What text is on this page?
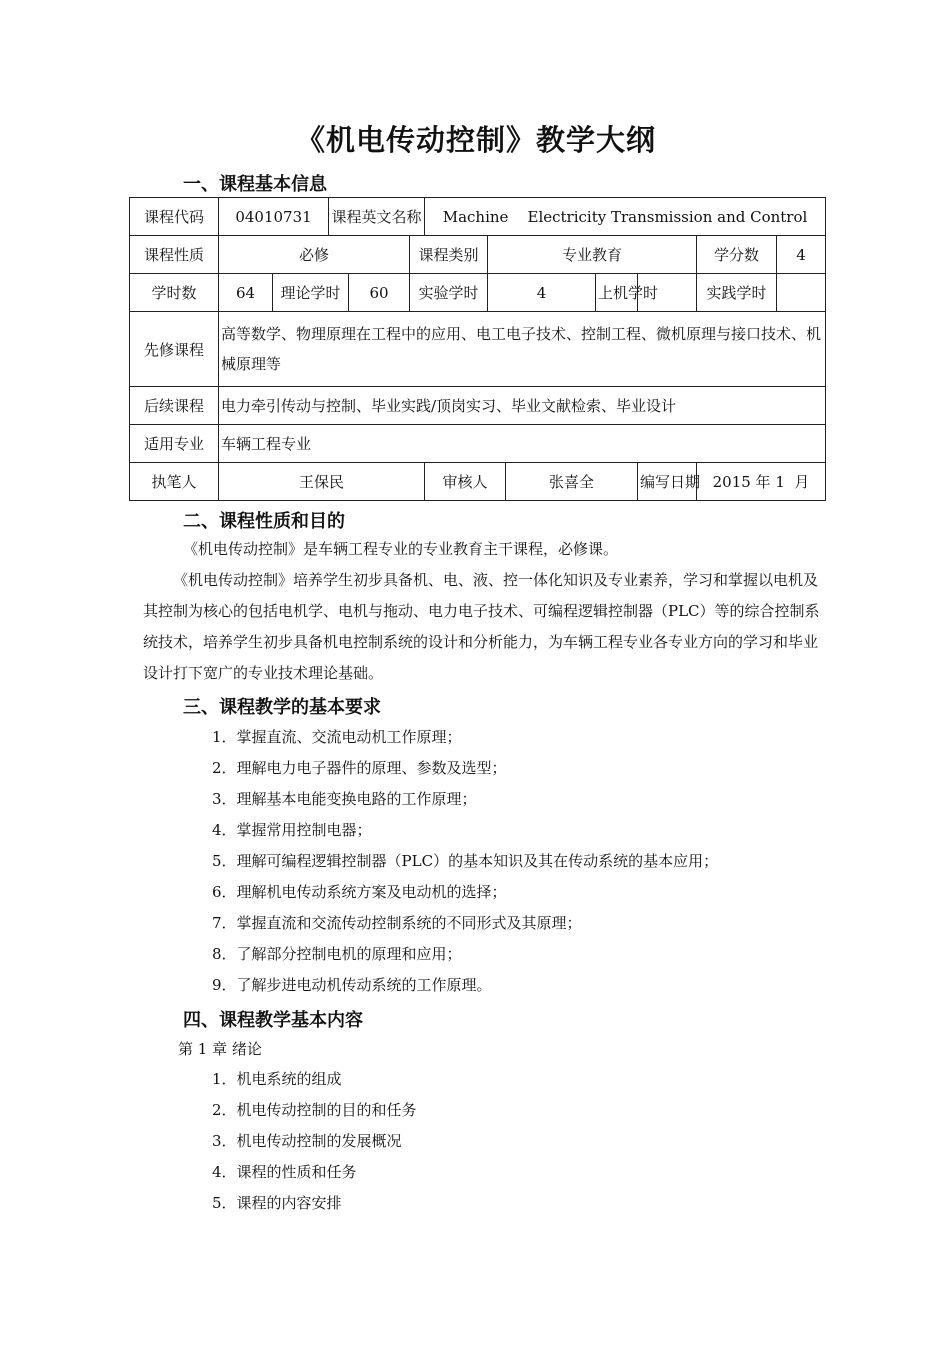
《机电传动控制》教学大纲
一、课程基本信息
课程代码	04010731		课程英文名称			Machine    Electricity Transmission and Control						
课程性质	必修				课程类别		专业教育				学分数	4
学时数	64	理论学时		60	实验学时		4		上机学时		实践学时	
先修课程	高等数学、物理原理在工程中的应用、电工电子技术、控制工程、微机原理与接口技术、机械原理等											
后续课程	电力牵引传动与控制、毕业实践/顶岗实习、毕业文献检索、毕业设计											
适用专业	车辆工程专业											
执笔人	王保民					审核人		张喜全		编写日期	2015 年 1  月	
二、课程性质和目的
《机电传动控制》是车辆工程专业的专业教育主干课程，必修课。
《机电传动控制》培养学生初步具备机、电、液、控一体化知识及专业素养，学习和掌握以电机及其控制为核心的包括电机学、电机与拖动、电力电子技术、可编程逻辑控制器（PLC）等的综合控制系统技术，培养学生初步具备机电控制系统的设计和分析能力，为车辆工程专业各专业方向的学习和毕业设计打下宽广的专业技术理论基础。
三、课程教学的基本要求
1．掌握直流、交流电动机工作原理；
2．理解电力电子器件的原理、参数及选型；
3．理解基本电能变换电路的工作原理；
4．掌握常用控制电器；
5．理解可编程逻辑控制器（PLC）的基本知识及其在传动系统的基本应用；
6．理解机电传动系统方案及电动机的选择；
7．掌握直流和交流传动控制系统的不同形式及其原理；
8．了解部分控制电机的原理和应用；
9．了解步进电动机传动系统的工作原理。
四、课程教学基本内容
第 1 章 绪论
1．机电系统的组成
2．机电传动控制的目的和任务
3．机电传动控制的发展概况
4．课程的性质和任务
5．课程的内容安排
